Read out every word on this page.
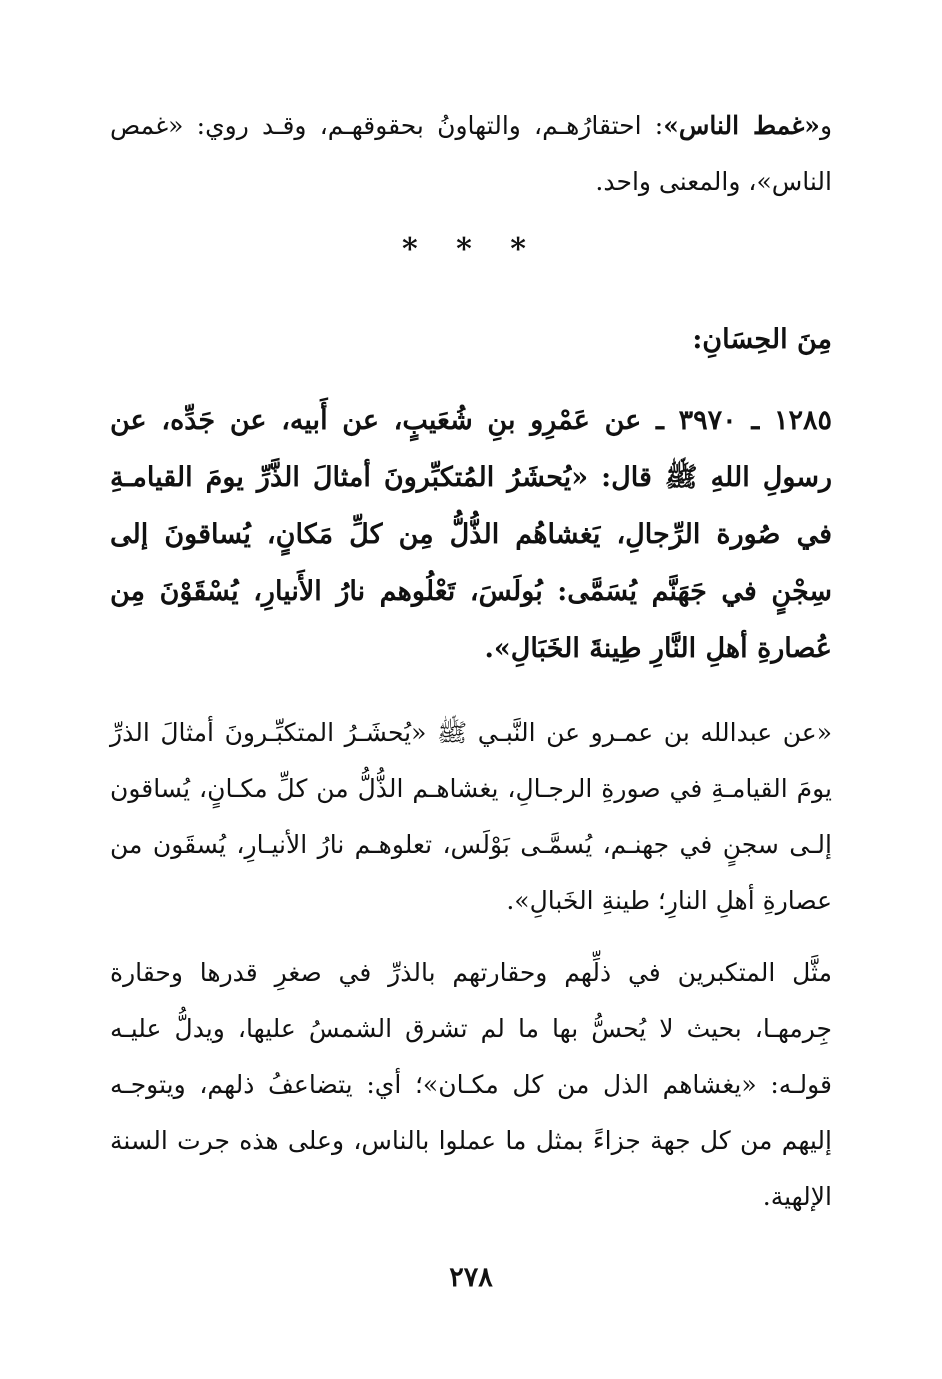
و«غمط الناس»: احتقارُهـم، والتهاونُ بحقوقهـم، وقـد روي: «غمص الناس»، والمعنى واحد.

* * *
مِنَ الحِسَانِ:

١٢٨٥ ـ ٣٩٧٠ ـ عن عَمْرِو بنِ شُعَيبٍ، عن أَبيه، عن جَدِّه، عن رسولِ اللهِ ﷺ قال: «يُحشَرُ المُتكبِّرونَ أمثالَ الذَّرِّ يومَ القيامـةِ في صُورة الرِّجالِ، يَغشاهُم الذُّلُّ مِن كلِّ مَكانٍ، يُساقونَ إلى سِجْنٍ في جَهَنَّم يُسَمَّى: بُولَسَ، تَعْلُوهم نارُ الأَنيارِ، يُسْقَوْنَ مِن عُصارةِ أهلِ النَّارِ طِينةَ الخَبَالِ».

«عن عبدالله بن عمـرو عن النَّبـي ﷺ «يُحشَـرُ المتكبِّـرونَ أمثالَ الذرِّ يومَ القيامـةِ في صورةِ الرجـالِ، يغشاهـم الذُّلُّ من كلِّ مكـانٍ، يُساقون إلـى سجنٍ في جهنـم، يُسمَّـى بَوْلَس، تعلوهـم نارُ الأنيـارِ، يُسقَون من عصارةِ أهلِ النارِ؛ طينةِ الخَبالِ».

مثَّل المتكبرين في ذلِّهم وحقارتهم بالذرِّ في صغرِ قدرها وحقارة جِرمهـا، بحيث لا يُحسُّ بها ما لم تشرق الشمسُ عليها، ويدلُّ عليـه قولـه: «يغشاهم الذل من كل مكـان»؛ أي: يتضاعفُ ذلهم، ويتوجـه إليهم من كل جهة جزاءً بمثل ما عملوا بالناس، وعلى هذه جرت السنة الإلهية.

٢٧٨
